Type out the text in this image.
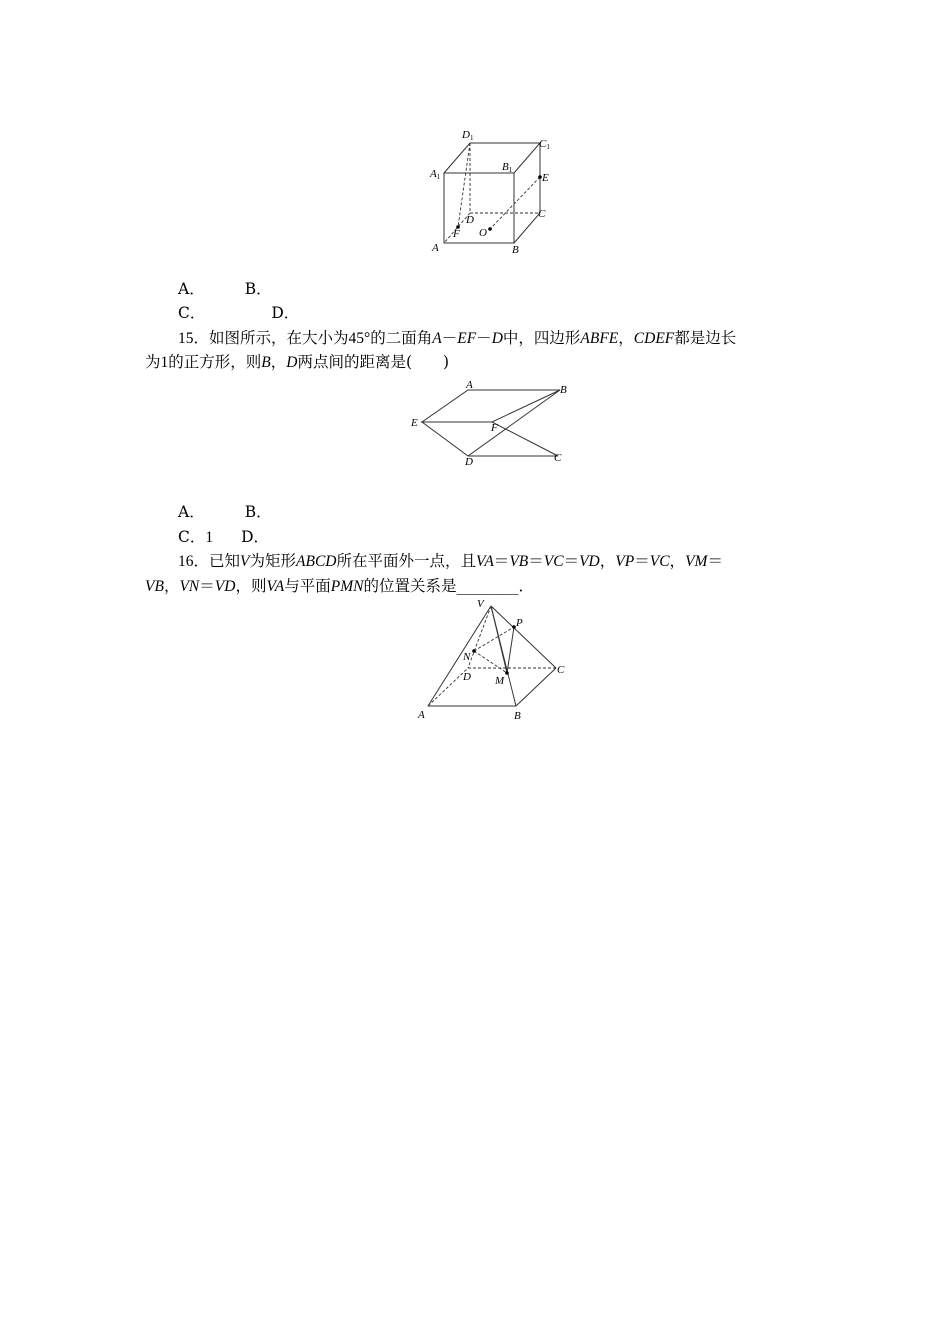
D1	C1
A1
B1
E
D	C
F O
A	B
A．	B．
C．	D．
15．如图所示，在大小为45°的二面角A－EF－D中，四边形ABFE，CDEF都是边长
为1的正方形，则B，D两点间的距离是(　　)
A	B
E	F
D	C
A．	B．
C．1 D．
16．已知V为矩形ABCD所在平面外一点，且VA＝VB＝VC＝VD，VP＝VC，VM＝
VB，VN＝VD，则VA与平面PMN的位置关系是________．
V
P
N
C
D M
A	B
